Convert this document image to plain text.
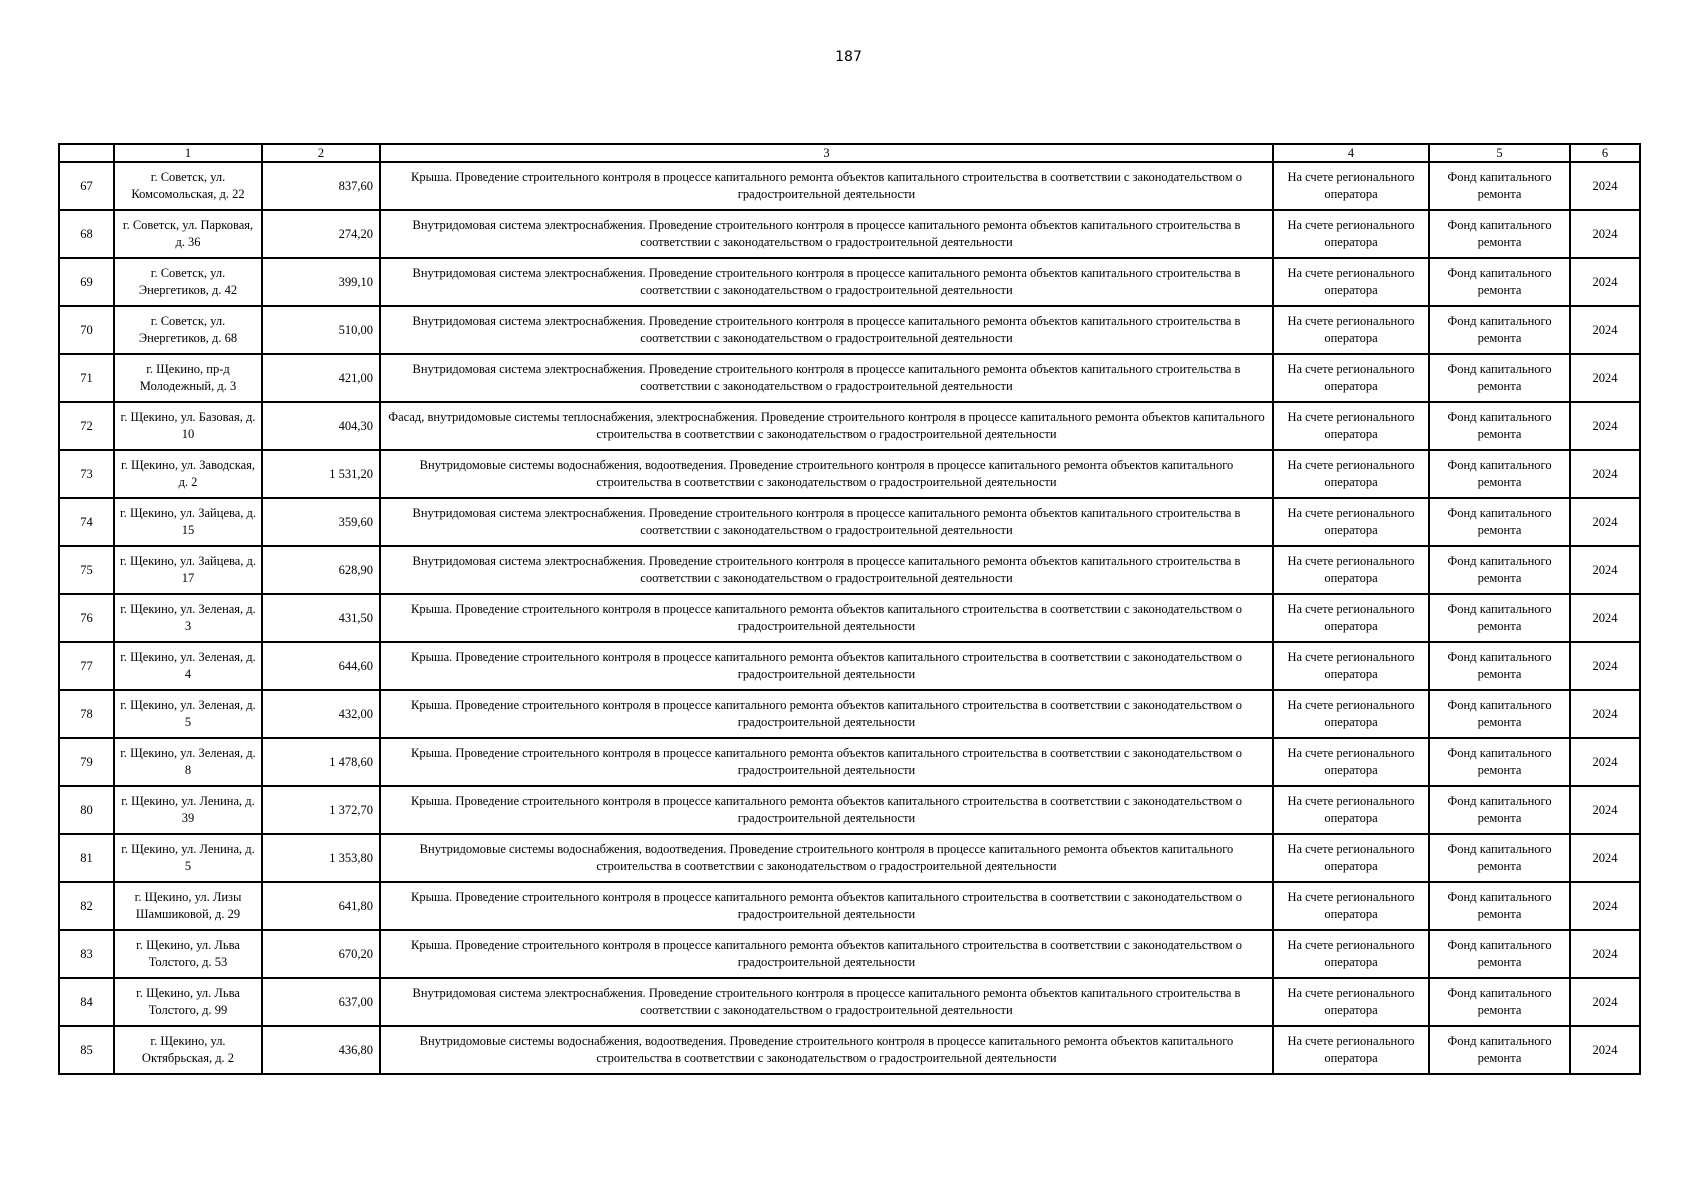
187
	1	2	3	4	5	6
67	г. Советск, ул. Комсомольская, д. 22	837,60	Крыша. Проведение строительного контроля в процессе капитального ремонта объектов капитального строительства в соответствии с законодательством о градостроительной деятельности	На счете регионального оператора	Фонд капитального ремонта	2024
68	г. Советск, ул. Парковая, д. 36	274,20	Внутридомовая система электроснабжения. Проведение строительного контроля в процессе капитального ремонта объектов капитального строительства в соответствии с законодательством о градостроительной деятельности	На счете регионального оператора	Фонд капитального ремонта	2024
69	г. Советск, ул. Энергетиков, д. 42	399,10	Внутридомовая система электроснабжения. Проведение строительного контроля в процессе капитального ремонта объектов капитального строительства в соответствии с законодательством о градостроительной деятельности	На счете регионального оператора	Фонд капитального ремонта	2024
70	г. Советск, ул. Энергетиков, д. 68	510,00	Внутридомовая система электроснабжения. Проведение строительного контроля в процессе капитального ремонта объектов капитального строительства в соответствии с законодательством о градостроительной деятельности	На счете регионального оператора	Фонд капитального ремонта	2024
71	г. Щекино, пр-д Молодежный, д. 3	421,00	Внутридомовая система электроснабжения. Проведение строительного контроля в процессе капитального ремонта объектов капитального строительства в соответствии с законодательством о градостроительной деятельности	На счете регионального оператора	Фонд капитального ремонта	2024
72	г. Щекино, ул. Базовая, д. 10	404,30	Фасад, внутридомовые системы теплоснабжения, электроснабжения. Проведение строительного контроля в процессе капитального ремонта объектов капитального строительства в соответствии с законодательством о градостроительной деятельности	На счете регионального оператора	Фонд капитального ремонта	2024
73	г. Щекино, ул. Заводская, д. 2	1 531,20	Внутридомовые системы водоснабжения, водоотведения. Проведение строительного контроля в процессе капитального ремонта объектов капитального строительства в соответствии с законодательством о градостроительной деятельности	На счете регионального оператора	Фонд капитального ремонта	2024
74	г. Щекино, ул. Зайцева, д. 15	359,60	Внутридомовая система электроснабжения. Проведение строительного контроля в процессе капитального ремонта объектов капитального строительства в соответствии с законодательством о градостроительной деятельности	На счете регионального оператора	Фонд капитального ремонта	2024
75	г. Щекино, ул. Зайцева, д. 17	628,90	Внутридомовая система электроснабжения. Проведение строительного контроля в процессе капитального ремонта объектов капитального строительства в соответствии с законодательством о градостроительной деятельности	На счете регионального оператора	Фонд капитального ремонта	2024
76	г. Щекино, ул. Зеленая, д. 3	431,50	Крыша. Проведение строительного контроля в процессе капитального ремонта объектов капитального строительства в соответствии с законодательством о градостроительной деятельности	На счете регионального оператора	Фонд капитального ремонта	2024
77	г. Щекино, ул. Зеленая, д. 4	644,60	Крыша. Проведение строительного контроля в процессе капитального ремонта объектов капитального строительства в соответствии с законодательством о градостроительной деятельности	На счете регионального оператора	Фонд капитального ремонта	2024
78	г. Щекино, ул. Зеленая, д. 5	432,00	Крыша. Проведение строительного контроля в процессе капитального ремонта объектов капитального строительства в соответствии с законодательством о градостроительной деятельности	На счете регионального оператора	Фонд капитального ремонта	2024
79	г. Щекино, ул. Зеленая, д. 8	1 478,60	Крыша. Проведение строительного контроля в процессе капитального ремонта объектов капитального строительства в соответствии с законодательством о градостроительной деятельности	На счете регионального оператора	Фонд капитального ремонта	2024
80	г. Щекино, ул. Ленина, д. 39	1 372,70	Крыша. Проведение строительного контроля в процессе капитального ремонта объектов капитального строительства в соответствии с законодательством о градостроительной деятельности	На счете регионального оператора	Фонд капитального ремонта	2024
81	г. Щекино, ул. Ленина, д. 5	1 353,80	Внутридомовые системы водоснабжения, водоотведения. Проведение строительного контроля в процессе капитального ремонта объектов капитального строительства в соответствии с законодательством о градостроительной деятельности	На счете регионального оператора	Фонд капитального ремонта	2024
82	г. Щекино, ул. Лизы Шамшиковой, д. 29	641,80	Крыша. Проведение строительного контроля в процессе капитального ремонта объектов капитального строительства в соответствии с законодательством о градостроительной деятельности	На счете регионального оператора	Фонд капитального ремонта	2024
83	г. Щекино, ул. Льва Толстого, д. 53	670,20	Крыша. Проведение строительного контроля в процессе капитального ремонта объектов капитального строительства в соответствии с законодательством о градостроительной деятельности	На счете регионального оператора	Фонд капитального ремонта	2024
84	г. Щекино, ул. Льва Толстого, д. 99	637,00	Внутридомовая система электроснабжения. Проведение строительного контроля в процессе капитального ремонта объектов капитального строительства в соответствии с законодательством о градостроительной деятельности	На счете регионального оператора	Фонд капитального ремонта	2024
85	г. Щекино, ул. Октябрьская, д. 2	436,80	Внутридомовые системы водоснабжения, водоотведения. Проведение строительного контроля в процессе капитального ремонта объектов капитального строительства в соответствии с законодательством о градостроительной деятельности	На счете регионального оператора	Фонд капитального ремонта	2024
